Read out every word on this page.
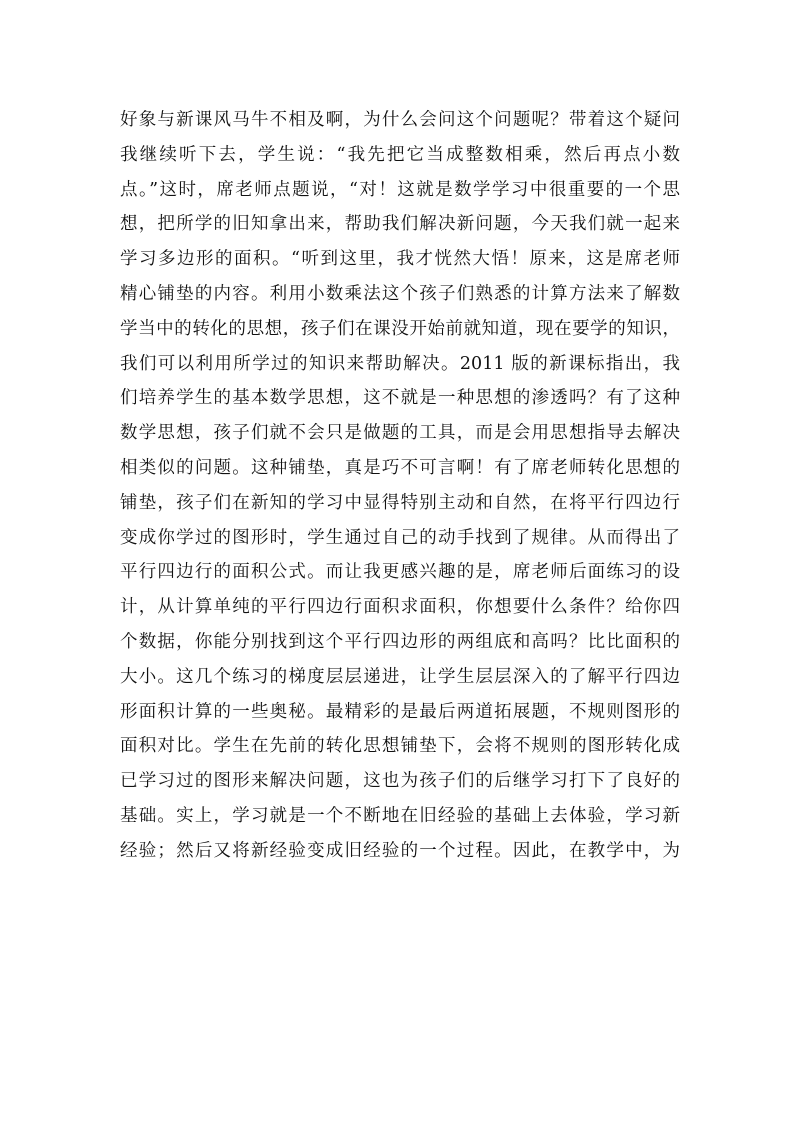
好象与新课风马牛不相及啊，为什么会问这个问题呢？带着这个疑问
我继续听下去，学生说：“我先把它当成整数相乘，然后再点小数
点。”这时，席老师点题说，“对！这就是数学学习中很重要的一个思
想，把所学的旧知拿出来，帮助我们解决新问题，今天我们就一起来
学习多边形的面积。“听到这里，我才恍然大悟！原来，这是席老师
精心铺垫的内容。利用小数乘法这个孩子们熟悉的计算方法来了解数
学当中的转化的思想，孩子们在课没开始前就知道，现在要学的知识，
我们可以利用所学过的知识来帮助解决。2011 版的新课标指出，我
们培养学生的基本数学思想，这不就是一种思想的渗透吗？有了这种
数学思想，孩子们就不会只是做题的工具，而是会用思想指导去解决
相类似的问题。这种铺垫，真是巧不可言啊！有了席老师转化思想的
铺垫，孩子们在新知的学习中显得特别主动和自然，在将平行四边行
变成你学过的图形时，学生通过自己的动手找到了规律。从而得出了
平行四边行的面积公式。而让我更感兴趣的是，席老师后面练习的设
计，从计算单纯的平行四边行面积求面积，你想要什么条件？给你四
个数据，你能分别找到这个平行四边形的两组底和高吗？比比面积的
大小。这几个练习的梯度层层递进，让学生层层深入的了解平行四边
形面积计算的一些奥秘。最精彩的是最后两道拓展题，不规则图形的
面积对比。学生在先前的转化思想铺垫下，会将不规则的图形转化成
已学习过的图形来解决问题，这也为孩子们的后继学习打下了良好的
基础。实上，学习就是一个不断地在旧经验的基础上去体验，学习新
经验；然后又将新经验变成旧经验的一个过程。因此，在教学中，为
